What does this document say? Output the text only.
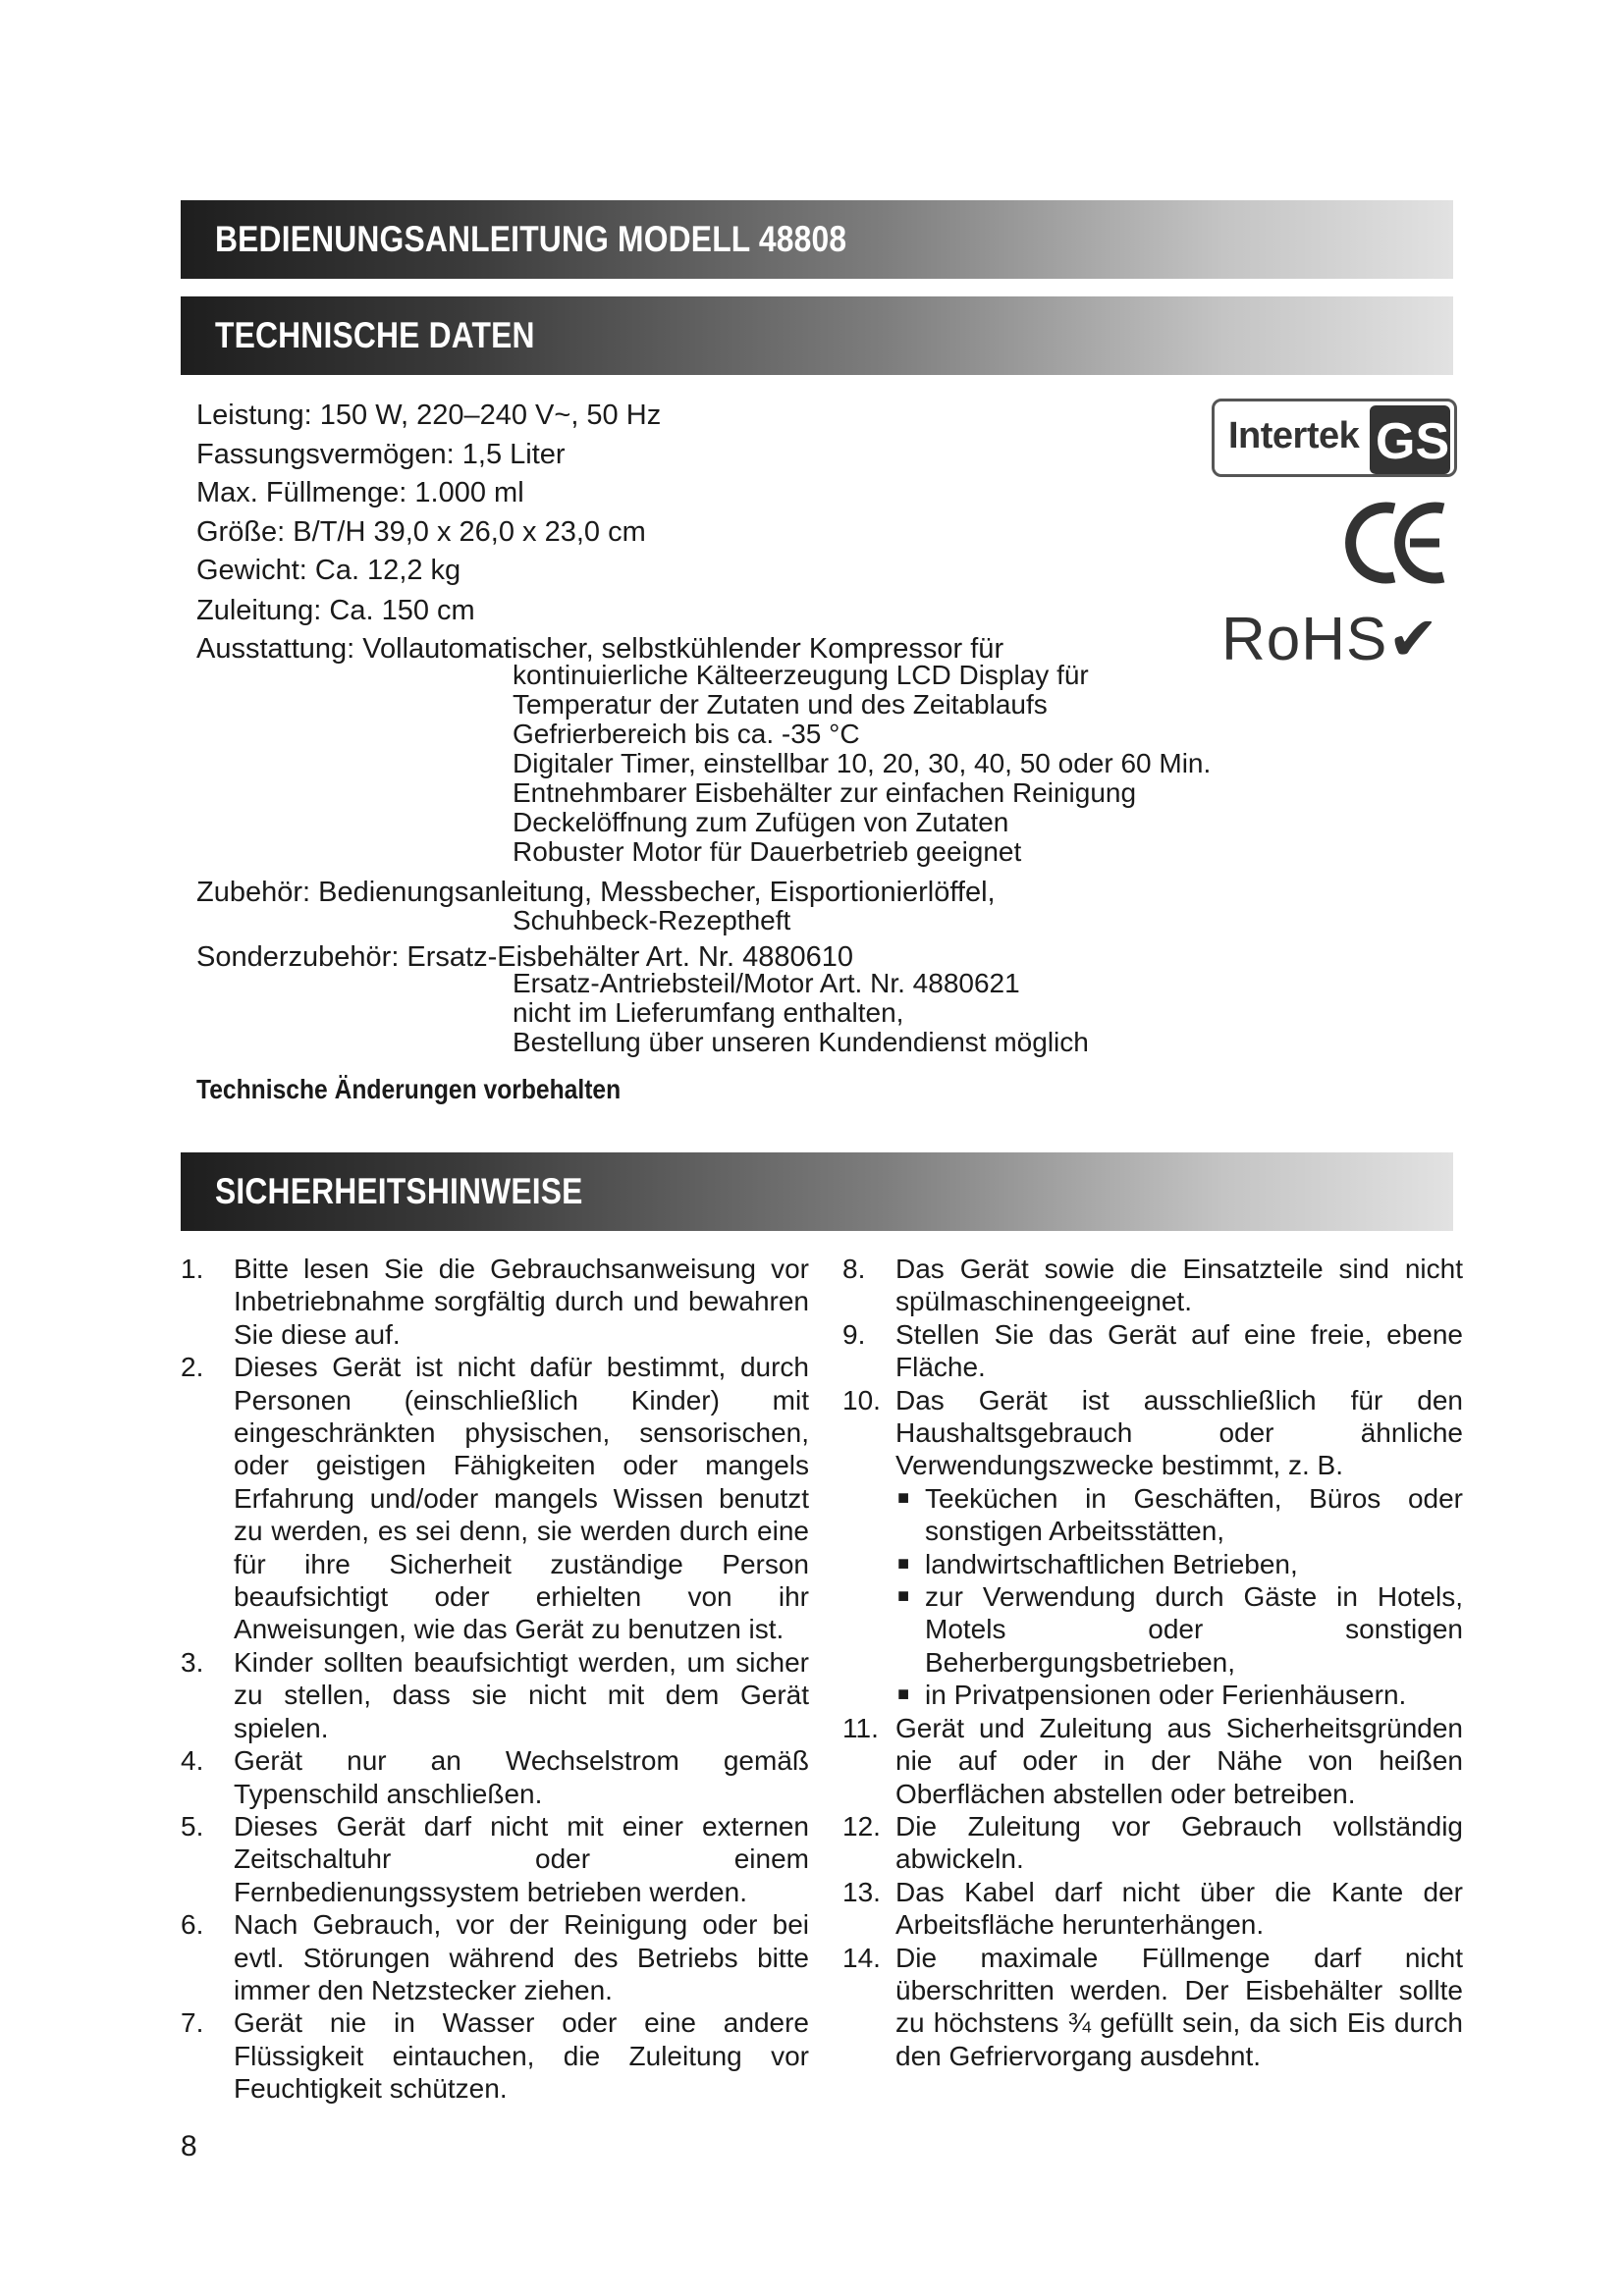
BEDIENUNGSANLEITUNG MODELL 48808
TECHNISCHE DATEN
Leistung: 150 W, 220–240 V~, 50 Hz
Fassungsvermögen: 1,5 Liter
Max. Füllmenge: 1.000 ml
Größe: B/T/H 39,0 x 26,0 x 23,0 cm
Gewicht: Ca. 12,2 kg
Zuleitung: Ca. 150 cm
Ausstattung: Vollautomatischer, selbstkühlender Kompressor für
kontinuierliche Kälteerzeugung LCD Display für
Temperatur der Zutaten und des Zeitablaufs
Gefrierbereich bis ca. -35 °C
Digitaler Timer, einstellbar 10, 20, 30, 40, 50 oder 60 Min.
Entnehmbarer Eisbehälter zur einfachen Reinigung
Deckelöffnung zum Zufügen von Zutaten
Robuster Motor für Dauerbetrieb geeignet
Zubehör: Bedienungsanleitung, Messbecher, Eisportionierlöffel,
Schuhbeck-Rezeptheft
Sonderzubehör: Ersatz-Eisbehälter Art. Nr. 4880610
Ersatz-Antriebsteil/Motor Art. Nr. 4880621
nicht im Lieferumfang enthalten,
Bestellung über unseren Kundendienst möglich
Technische Änderungen vorbehalten
Intertek GS
RoHS✔
SICHERHEITSHINWEISE
1. Bitte lesen Sie die Gebrauchsanweisung vor Inbetriebnahme sorgfältig durch und bewahren Sie diese auf.
2. Dieses Gerät ist nicht dafür bestimmt, durch Personen (einschließlich Kinder) mit eingeschränkten physischen, sensorischen, oder geistigen Fähigkeiten oder mangels Erfahrung und/oder mangels Wissen benutzt zu werden, es sei denn, sie werden durch eine für ihre Sicherheit zuständige Person beaufsichtigt oder erhielten von ihr Anweisungen, wie das Gerät zu benutzen ist.
3. Kinder sollten beaufsichtigt werden, um sicher zu stellen, dass sie nicht mit dem Gerät spielen.
4. Gerät nur an Wechselstrom gemäß Typenschild anschließen.
5. Dieses Gerät darf nicht mit einer externen Zeitschaltuhr oder einem Fernbedienungssystem betrieben werden.
6. Nach Gebrauch, vor der Reinigung oder bei evtl. Störungen während des Betriebs bitte immer den Netzstecker ziehen.
7. Gerät nie in Wasser oder eine andere Flüssigkeit eintauchen, die Zuleitung vor Feuchtigkeit schützen.
8. Das Gerät sowie die Einsatzteile sind nicht spülmaschinengeeignet.
9. Stellen Sie das Gerät auf eine freie, ebene Fläche.
10. Das Gerät ist ausschließlich für den Haushaltsgebrauch oder ähnliche Verwendungszwecke bestimmt, z. B.
■ Teeküchen in Geschäften, Büros oder sonstigen Arbeitsstätten,
■ landwirtschaftlichen Betrieben,
■ zur Verwendung durch Gäste in Hotels, Motels oder sonstigen Beherbergungsbetrieben,
■ in Privatpensionen oder Ferienhäusern.
11. Gerät und Zuleitung aus Sicherheitsgründen nie auf oder in der Nähe von heißen Oberflächen abstellen oder betreiben.
12. Die Zuleitung vor Gebrauch vollständig abwickeln.
13. Das Kabel darf nicht über die Kante der Arbeitsfläche herunterhängen.
14. Die maximale Füllmenge darf nicht überschritten werden. Der Eisbehälter sollte zu höchstens ¾ gefüllt sein, da sich Eis durch den Gefriervorgang ausdehnt.
8
